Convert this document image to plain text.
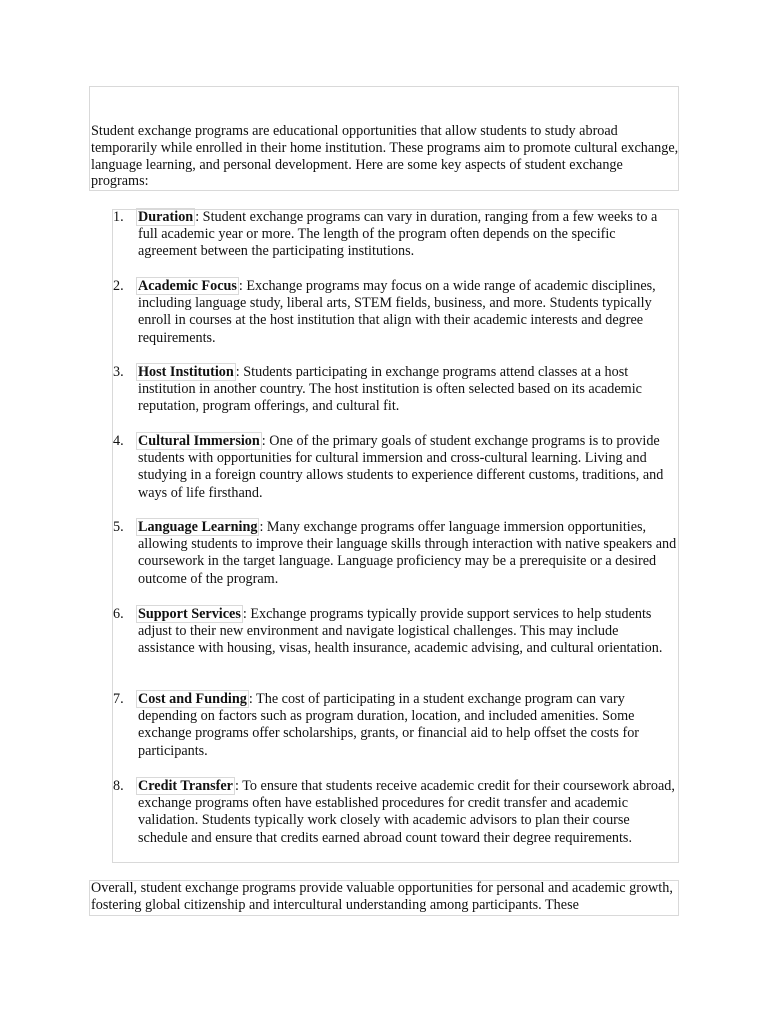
Student exchange programs are educational opportunities that allow students to study abroad temporarily while enrolled in their home institution. These programs aim to promote cultural exchange, language learning, and personal development. Here are some key aspects of student exchange programs:

1. Duration : Student exchange programs can vary in duration, ranging from a few weeks to a full academic year or more. The length of the program often depends on the specific agreement between the participating institutions.

2. Academic Focus : Exchange programs may focus on a wide range of academic disciplines, including language study, liberal arts, STEM fields, business, and more. Students typically enroll in courses at the host institution that align with their academic interests and degree requirements.

3. Host Institution : Students participating in exchange programs attend classes at a host institution in another country. The host institution is often selected based on its academic reputation, program offerings, and cultural fit.

4. Cultural Immersion : One of the primary goals of student exchange programs is to provide students with opportunities for cultural immersion and cross-cultural learning. Living and studying in a foreign country allows students to experience different customs, traditions, and ways of life firsthand.

5. Language Learning : Many exchange programs offer language immersion opportunities, allowing students to improve their language skills through interaction with native speakers and coursework in the target language. Language proficiency may be a prerequisite or a desired outcome of the program.

6. Support Services : Exchange programs typically provide support services to help students adjust to their new environment and navigate logistical challenges. This may include assistance with housing, visas, health insurance, academic advising, and cultural orientation.

7. Cost and Funding : The cost of participating in a student exchange program can vary depending on factors such as program duration, location, and included amenities. Some exchange programs offer scholarships, grants, or financial aid to help offset the costs for participants.

8. Credit Transfer : To ensure that students receive academic credit for their coursework abroad, exchange programs often have established procedures for credit transfer and academic validation. Students typically work closely with academic advisors to plan their course schedule and ensure that credits earned abroad count toward their degree requirements.

Overall, student exchange programs provide valuable opportunities for personal and academic growth, fostering global citizenship and intercultural understanding among participants. These
